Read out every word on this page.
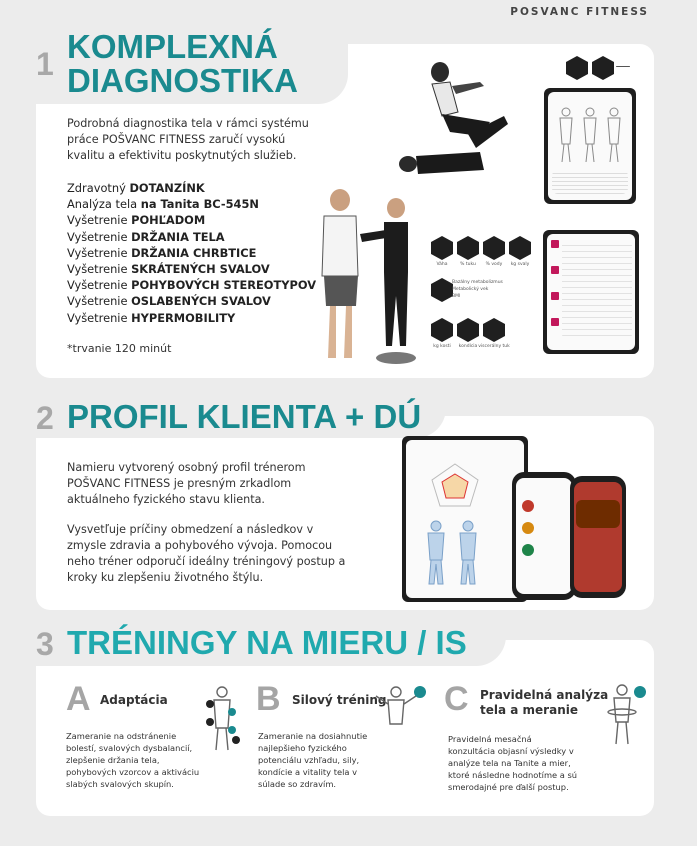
POSVANC FITNESS
1 KOMPLEXNÁ
DIAGNOSTIKA
Podrobná diagnostika tela v rámci systému
práce POŠVANC FITNESS zaručí vysokú
kvalitu a efektivitu poskytnutých služieb.
Zdravotný DOTANZÍNK
Analýza tela na Tanita BC-545N
Vyšetrenie POHĽADOM
Vyšetrenie DRŽANIA TELA
Vyšetrenie DRŽANIA CHRBTICE
Vyšetrenie SKRÁTENÝCH SVALOV
Vyšetrenie POHYBOVÝCH STEREOTYPOV
Vyšetrenie OSLABENÝCH SVALOV
Vyšetrenie HYPERMOBILITY
*trvanie 120 minút
Váha	% tuku	% vody	kg svaly
Bazálny metabolizmus
Metabolický vek
BMI
kg kosti	kondícia viscerálny tuk
2 PROFIL KLIENTA + DÚ
Namieru vytvorený osobný profil trénerom
POŠVANC FITNESS je presným zrkadlom
aktuálneho fyzického stavu klienta.
Vysvetľuje príčiny obmedzení a následkov v
zmysle zdravia a pohybového vývoja. Pomocou
neho tréner odporučí ideálny tréningový postup a
kroky ku zlepšeniu životného štýlu.
3 TRÉNINGY NA MIERU / IS
A Adaptácia
Zameranie na odstránenie
bolestí, svalových dysbalancií,
zlepšenie držania tela,
pohybových vzorcov a aktiváciu
slabých svalových skupín.
B Silový tréning
Zameranie na dosiahnutie
najlepšieho fyzického
potenciálu vzhľadu, sily,
kondície a vitality tela v
súlade so zdravím.
C Pravidelná analýza
tela a meranie
Pravidelná mesačná
konzultácia objasní výsledky v
analýze tela na Tanite a mier,
ktoré následne hodnotíme a sú
smerodajné pre ďalší postup.
